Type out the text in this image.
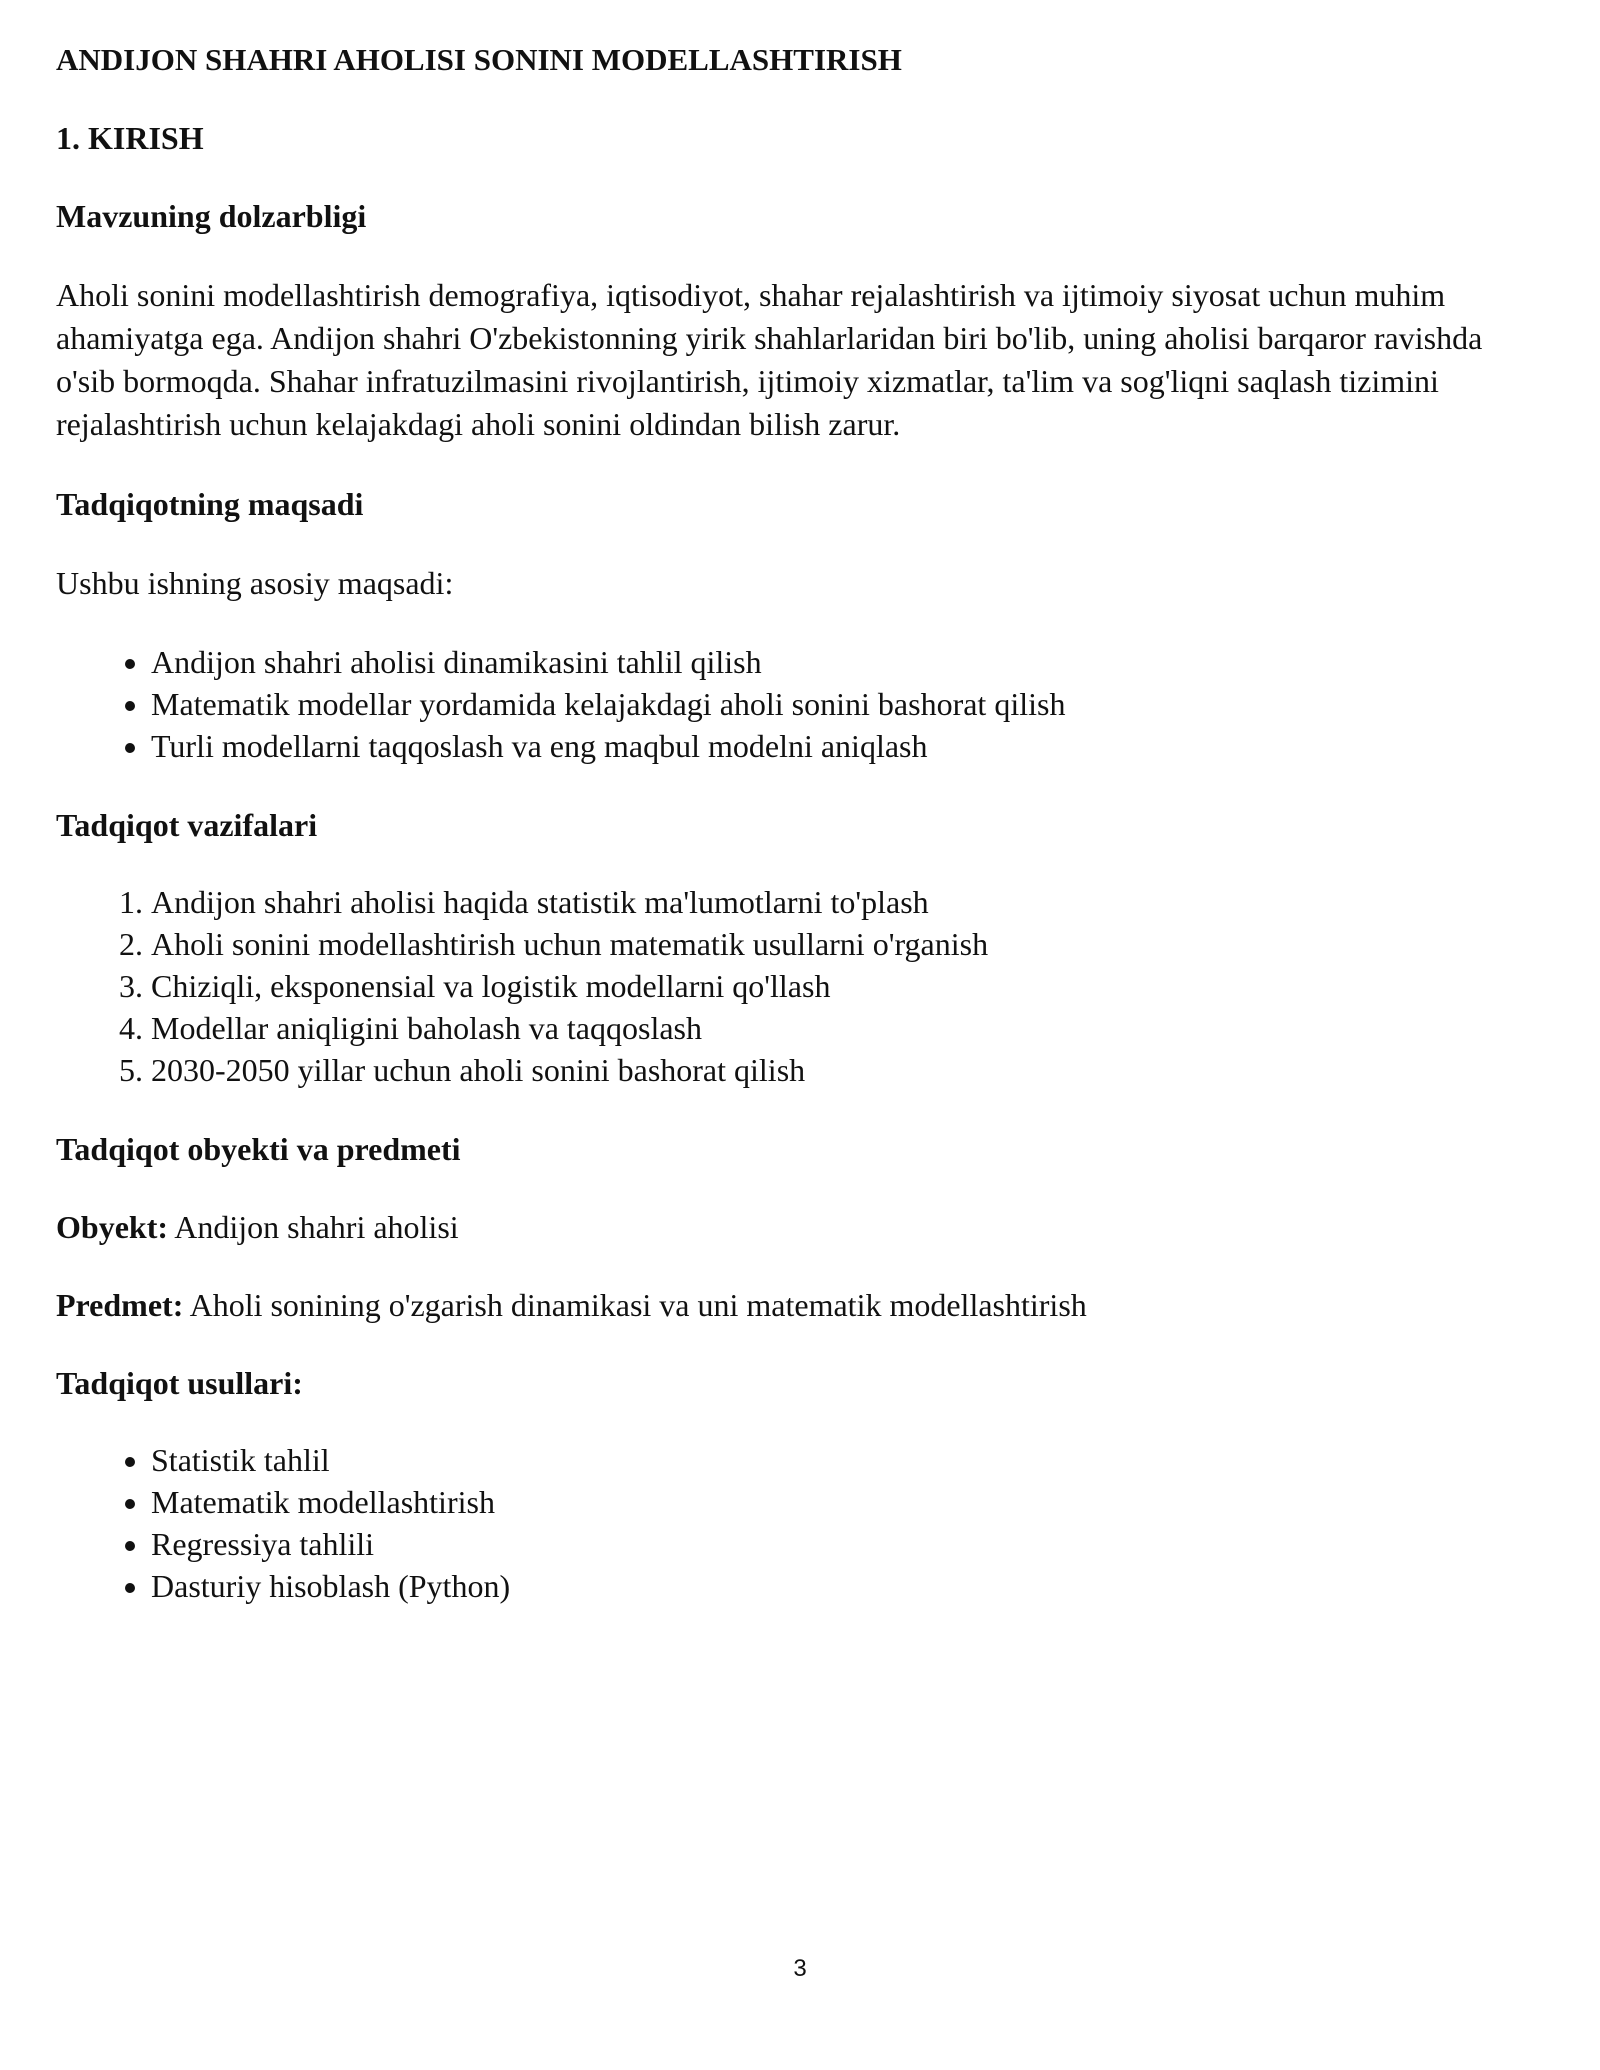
ANDIJON SHAHRI AHOLISI SONINI MODELLASHTIRISH
1. KIRISH
Mavzuning dolzarbligi

Aholi sonini modellashtirish demografiya, iqtisodiyot, shahar rejalashtirish va ijtimoiy siyosat uchun muhim ahamiyatga ega. Andijon shahri O'zbekistonning yirik shahlarlaridan biri bo'lib, uning aholisi barqaror ravishda o'sib bormoqda. Shahar infratuzilmasini rivojlantirish, ijtimoiy xizmatlar, ta'lim va sog'liqni saqlash tizimini rejalashtirish uchun kelajakdagi aholi sonini oldindan bilish zarur.

Tadqiqotning maqsadi

Ushbu ishning asosiy maqsadi:

• Andijon shahri aholisi dinamikasini tahlil qilish
• Matematik modellar yordamida kelajakdagi aholi sonini bashorat qilish
• Turli modellarni taqqoslash va eng maqbul modelni aniqlash
Tadqiqot vazifalari
1. Andijon shahri aholisi haqida statistik ma'lumotlarni to'plash
2. Aholi sonini modellashtirish uchun matematik usullarni o'rganish
3. Chiziqli, eksponensial va logistik modellarni qo'llash
4. Modellar aniqligini baholash va taqqoslash
5. 2030-2050 yillar uchun aholi sonini bashorat qilish
Tadqiqot obyekti va predmeti

Obyekt: Andijon shahri aholisi

Predmet: Aholi sonining o'zgarish dinamikasi va uni matematik modellashtirish

Tadqiqot usullari:
• Statistik tahlil
• Matematik modellashtirish
• Regressiya tahlili
• Dasturiy hisoblash (Python)
3
